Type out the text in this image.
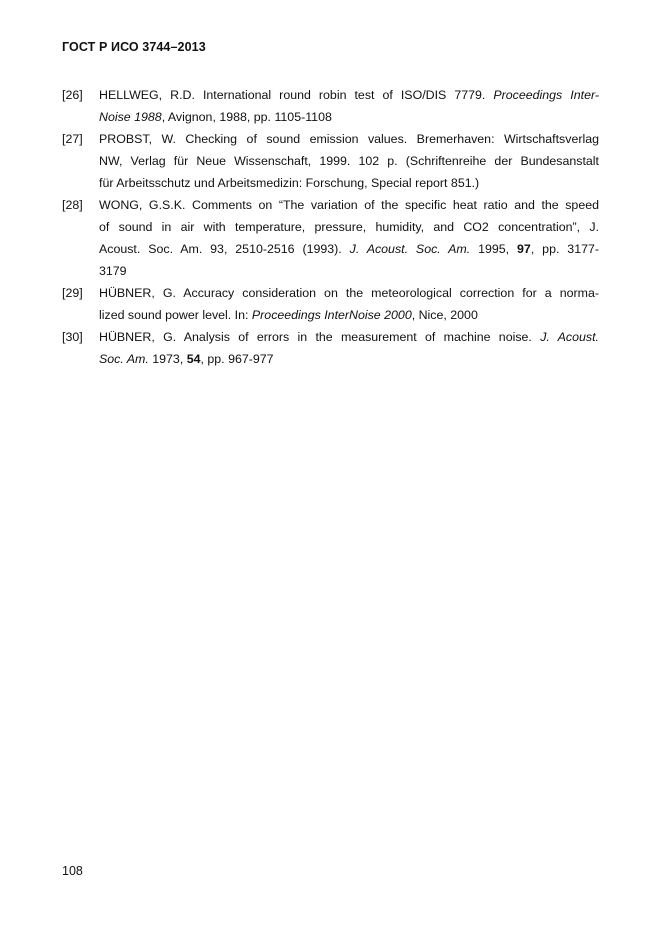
ГОСТ Р ИСО 3744–2013
[26]	HELLWEG, R.D. International round robin test of ISO/DIS 7779. Proceedings Inter-
Noise 1988, Avignon, 1988, pp. 1105-1108
[27]	PROBST, W. Checking of sound emission values. Bremerhaven: Wirtschaftsverlag
NW, Verlag für Neue Wissenschaft, 1999. 102 p. (Schriftenreihe der Bundesanstalt
für Arbeitsschutz und Arbeitsmedizin: Forschung, Special report 851.)
[28]	WONG, G.S.K. Comments on “The variation of the specific heat ratio and the speed
of sound in air with temperature, pressure, humidity, and CO2 concentration”, J.
Acoust. Soc. Am. 93, 2510-2516 (1993). J. Acoust. Soc. Am. 1995, 97, pp. 3177-
3179
[29]	HÜBNER, G. Accuracy consideration on the meteorological correction for a norma-
lized sound power level. In: Proceedings InterNoise 2000, Nice, 2000
[30]	HÜBNER, G. Analysis of errors in the measurement of machine noise. J. Acoust.
Soc. Am. 1973, 54, pp. 967-977
108
